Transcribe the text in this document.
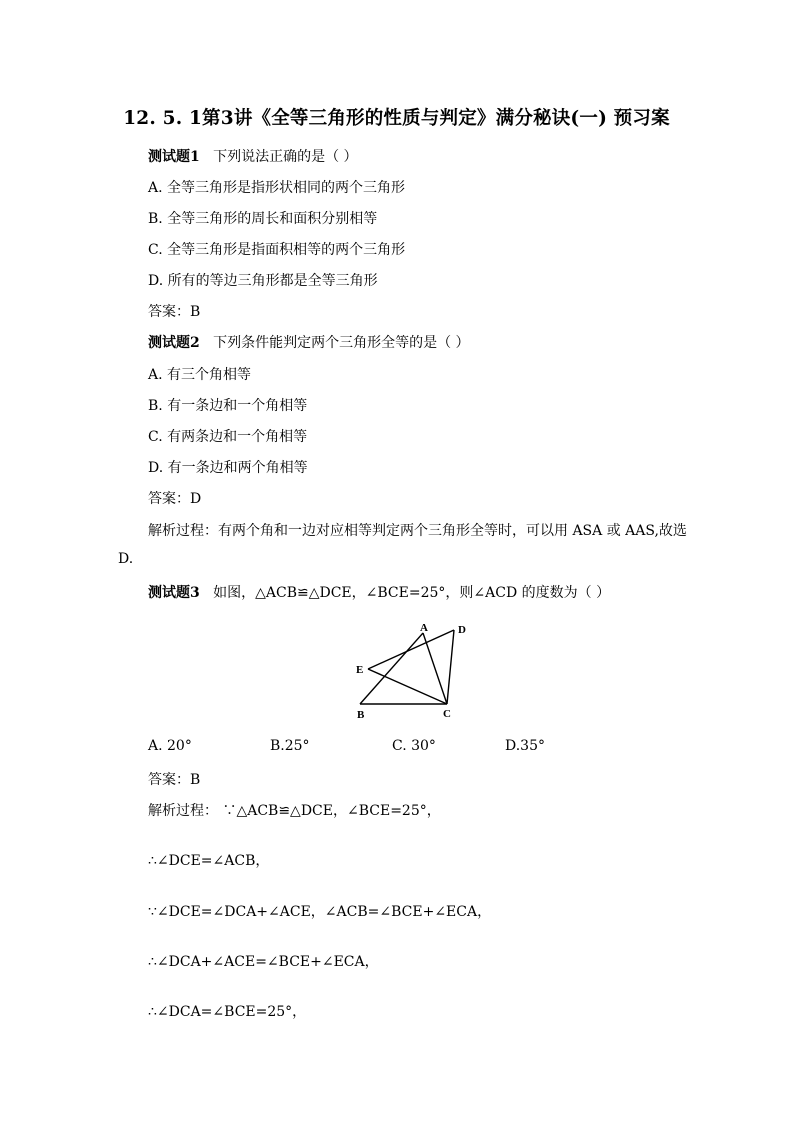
12. 5. 1第3讲《全等三角形的性质与判定》满分秘诀(一) 预习案
测试题1 下列说法正确的是（ ）
A. 全等三角形是指形状相同的两个三角形
B. 全等三角形的周长和面积分别相等
C. 全等三角形是指面积相等的两个三角形
D. 所有的等边三角形都是全等三角形
答案：B
测试题2 下列条件能判定两个三角形全等的是（ ）
A. 有三个角相等
B. 有一条边和一个角相等
C. 有两条边和一个角相等
D. 有一条边和两个角相等
答案：D
解析过程：有两个角和一边对应相等判定两个三角形全等时，可以用 ASA 或 AAS,故选
D.
测试题3 如图，△ACB≌△DCE，∠BCE=25°，则∠ACD 的度数为（ ）
A	D
E
B	C
A. 20°	B.25°	C. 30°	D.35°
答案：B
解析过程： ∵△ACB≌△DCE，∠BCE=25°，
∴∠DCE=∠ACB，
∵∠DCE=∠DCA+∠ACE，∠ACB=∠BCE+∠ECA，
∴∠DCA+∠ACE=∠BCE+∠ECA，
∴∠DCA=∠BCE=25°，
